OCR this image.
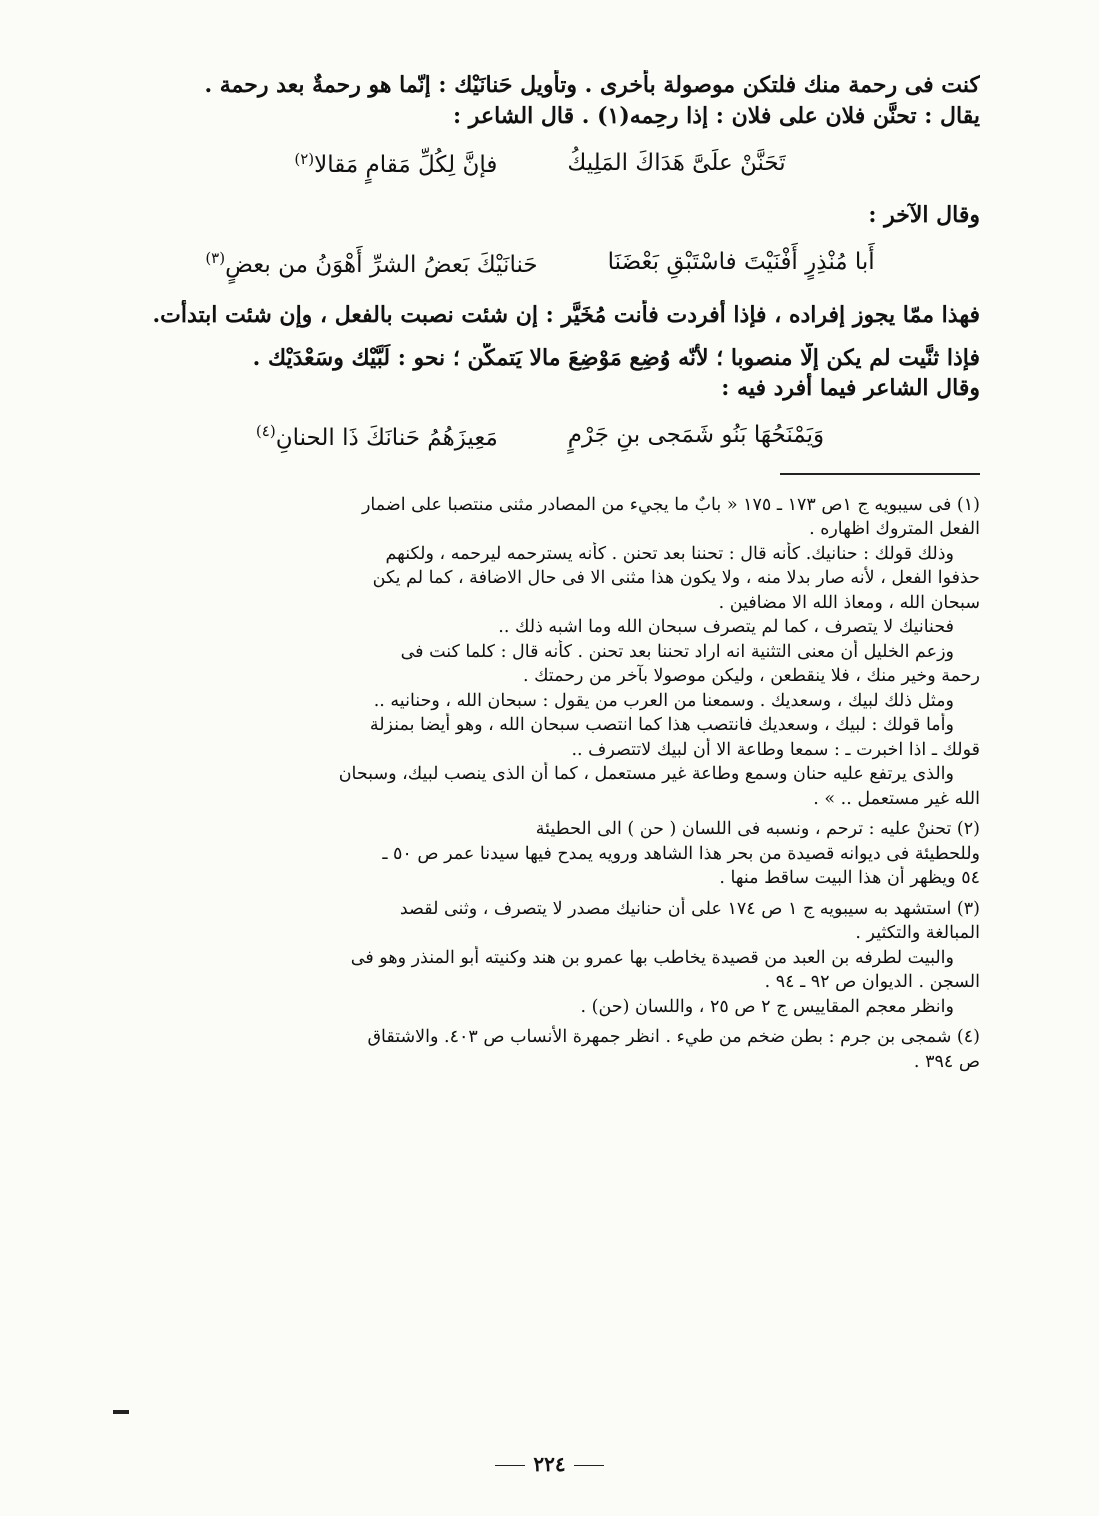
كنت فى رحمة منك فلتكن موصولة بأُخرى . وتأْويل حَنانَيْك : إنّما هو رحمةٌ بعد رحمة .

يقال : تحنَّن فلان على فلان : إذا رحِمه(١) . قال الشاعر :

تَحَنَّنْ علَىَّ هَدَاكَ المَلِيكُ
فإنَّ لِكُلِّ مَقامٍ مَقالا(٢)

وقال الآخر :

أَبا مُنْذِرٍ أَفْنَيْتَ فاسْتَبْقِ بَعْضَنَا
حَنانَيْكَ بَعضُ الشرِّ أَهْوَنُ من بعضٍ(٣)

فهذا ممّا يجوز إفراده ، فإذا أفردت فأنت مُخَيَّر : إن شئت نصبت بالفعل ، وإن شئت ابتدأت.

فإذا ثنَّيت لم يكن إلّا منصوبا ؛ لأنّه وُضِع مَوْضِعَ مالا يَتمكَّن ؛ نحو : لَبَّيْك وسَعْدَيْك .

وقال الشاعر فيما أفرد فيه :

وَيَمْنَحُهَا بَنُو شَمَجى بنِ جَرْمٍ
مَعِيزَهُمُ حَنانَكَ ذَا الحنانِ(٤)

(١) فى سيبويه ج ١ص ١٧٣ ـ ١٧٥ « بابٌ ما يجيء من المصادر مثنى منتصبا على اضمار

الفعل المتروك اظهاره .

وذلك قولك : حنانيك. كأنه قال : تحننا بعد تحنن . كأنه يسترحمه ليرحمه ، ولكنهم

حذفوا الفعل ، لأنه صار بدلا منه ، ولا يكون هذا مثنى الا فى حال الاضافة ، كما لم يكن

سبحان الله ، ومعاذ الله الا مضافين .

فحنانيك لا يتصرف ، كما لم يتصرف سبحان الله وما اشبه ذلك ..

وزعم الخليل أن معنى التثنية انه اراد تحننا بعد تحنن . كأنه قال : كلما كنت فى

رحمة وخير منك ، فلا ينقطعن ، وليكن موصولا بآخر من رحمتك .

ومثل ذلك لبيك ، وسعديك . وسمعنا من العرب من يقول : سبحان الله ، وحنانيه ..

وأما قولك : لبيك ، وسعديك فانتصب هذا كما انتصب سبحان الله ، وهو أيضا بمنزلة

قولك ـ اذا اخبرت ـ : سمعا وطاعة الا أن لبيك لاتتصرف ..

والذى يرتفع عليه حنان وسمع وطاعة غير مستعمل ، كما أن الذى ينصب لبيك، وسبحان

الله غير مستعمل .. » .

(٢) تحننْ عليه : ترحم ، ونسبه فى اللسان ( حن ) الى الحطيئة

وللحطيئة فى ديوانه قصيدة من بحر هذا الشاهد ورويه يمدح فيها سيدنا عمر ص ٥٠ ـ

٥٤ ويظهر أن هذا البيت ساقط منها .

(٣) استشهد به سيبويه ج ١ ص ١٧٤ على أن حنانيك مصدر لا يتصرف ، وثنى لقصد

المبالغة والتكثير .

والبيت لطرفه بن العبد من قصيدة يخاطب بها عمرو بن هند وكنيته أبو المنذر وهو فى

السجن . الديوان ص ٩٢ ـ ٩٤ .

وانظر معجم المقاييس ج ٢ ص ٢٥ ، واللسان (حن) .

(٤) شمجى بن جرم : بطن ضخم من طيء . انظر جمهرة الأنساب ص ٤٠٣. والاشتقاق

ص ٣٩٤ .

٢٢٤
